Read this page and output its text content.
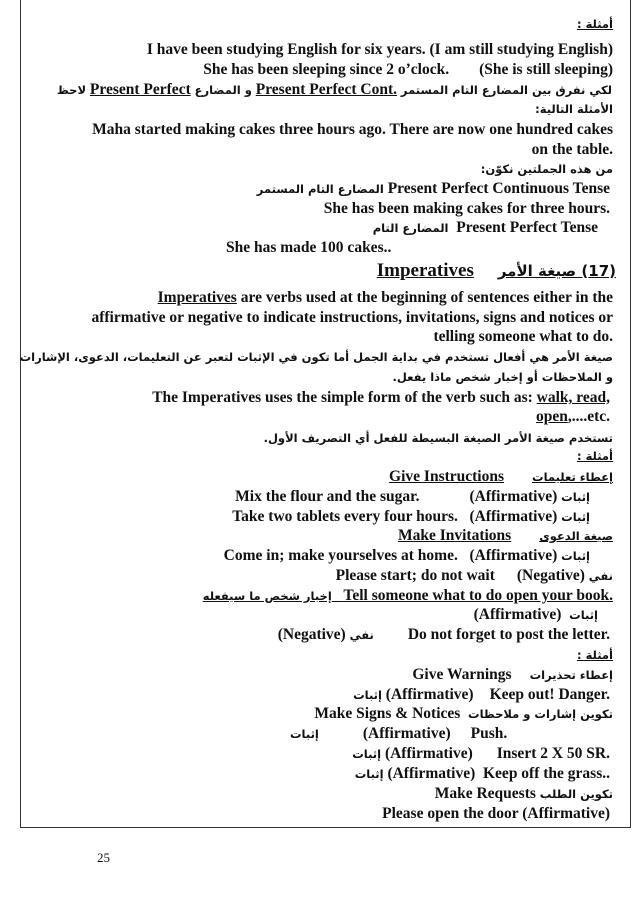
أمثلة :
I have been studying English for six years. (I am still studying English)
She has been sleeping since 2 o’clock. (She is still sleeping)
لاحظ Present Perfect و المضارع Present Perfect Cont. لكي نفرق بين المضارع التام المستمر
الأمثلة التالية:
Maha started making cakes three hours ago. There are now one hundred cakes
on the table.
من هذه الجملتين نكوّن:
المضارع التام المستمر Present Perfect Continuous Tense
She has been making cakes for three hours.
المضارع التام Present Perfect Tense
She has made 100 cakes..
Imperatives (17) صيغة الأمر
Imperatives are verbs used at the beginning of sentences either in the
affirmative or negative to indicate instructions, invitations, signs and notices or
telling someone what to do.
صيغة الأمر هي أفعال تستخدم في بداية الجمل أما تكون في الإثبات لتعبر عن التعليمات، الدعوى، الإشارات
و الملاحظات أو إخبار شخص ماذا يفعل.
The Imperatives uses the simple form of the verb such as: walk, read,
open,....etc.
تستخدم صيغة الأمر الصيغة البسيطة للفعل أي التصريف الأول.
أمثلة :
Give Instructions إعطاء تعليمات
Mix the flour and the sugar.	(Affirmative) إثبات
Take two tablets every four hours. (Affirmative) إثبات
Make Invitations صيغة الدعوى
Come in; make yourselves at home. (Affirmative) إثبات
Please start; do not wait (Negative) نفي
إخبار شخص ما سيفعله Tell someone what to do open your book.
(Affirmative) إثبات
(Negative) نفي Do not forget to post the letter.
أمثلة :
Give Warnings إعطاء تحذيرات
إثبات (Affirmative) Keep out! Danger.
Make Signs & Notices تكوين إشارات و ملاحظات
إثبات	(Affirmative) Push.
إثبات (Affirmative) Insert 2 X 50 SR.
إثبات (Affirmative) Keep off the grass..
Make Requests تكوين الطلب
Please open the door (Affirmative)
25
